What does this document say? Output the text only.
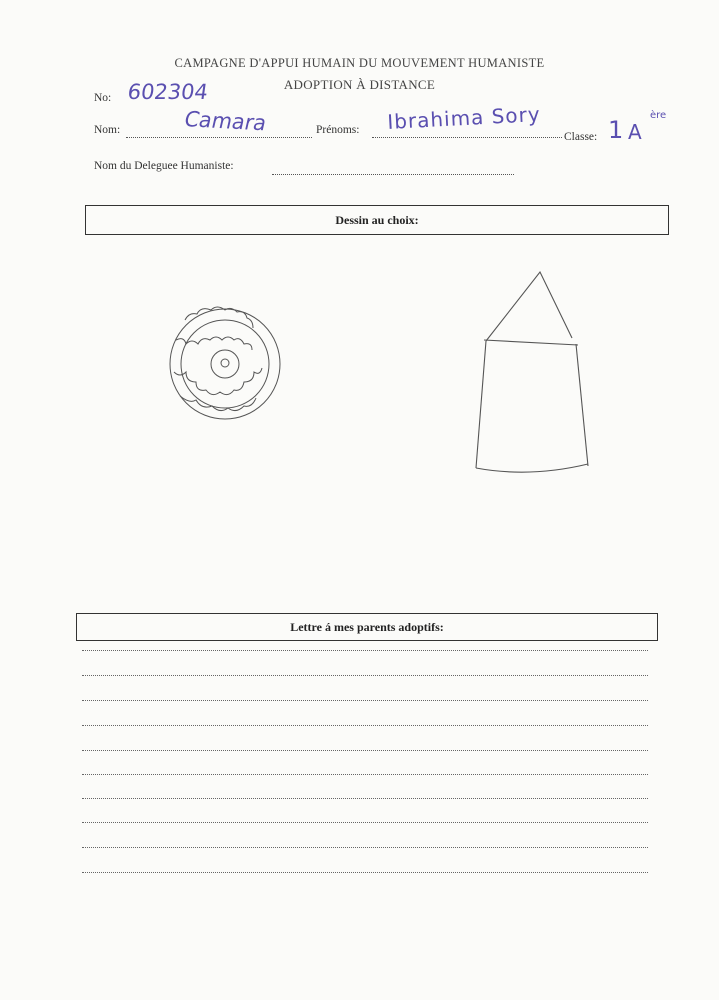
CAMPAGNE D'APPUI HUMAIN DU MOUVEMENT HUMANISTE
ADOPTION À DISTANCE
No: 602304
Nom:	Camara	Prénoms: Ibrahima Sory
Classe: 1
ère
A
Nom du Deleguee Humaniste:
Dessin au choix:
Lettre á mes parents adoptifs:
